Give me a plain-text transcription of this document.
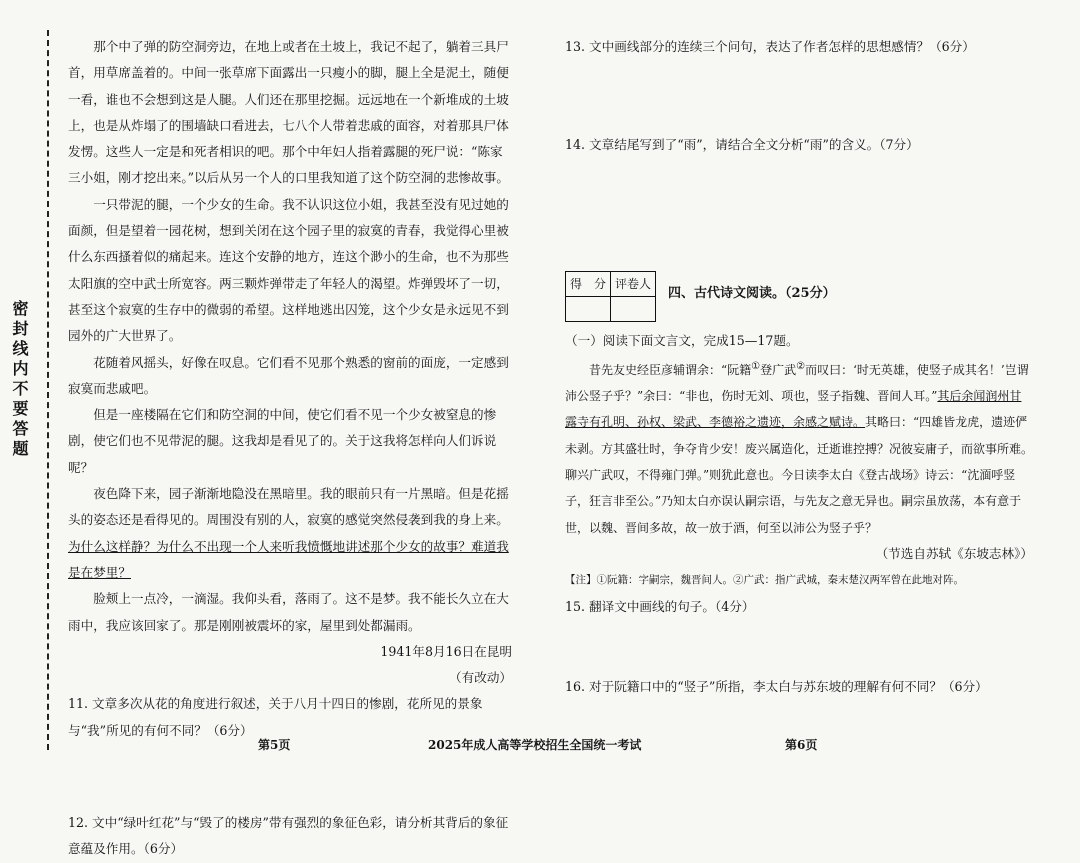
密封线内不要答题

那个中了弹的防空洞旁边，在地上或者在土坡上，我记不起了，躺着三具尸首，用草席盖着的。中间一张草席下面露出一只瘦小的脚，腿上全是泥土，随便一看，谁也不会想到这是人腿。人们还在那里挖掘。远远地在一个新堆成的土坡上，也是从炸塌了的围墙缺口看进去，七八个人带着悲戚的面容，对着那具尸体发愣。这些人一定是和死者相识的吧。那个中年妇人指着露腿的死尸说：“陈家三小姐，刚才挖出来。”以后从另一个人的口里我知道了这个防空洞的悲惨故事。

一只带泥的腿，一个少女的生命。我不认识这位小姐，我甚至没有见过她的面颜，但是望着一园花树，想到关闭在这个园子里的寂寞的青春，我觉得心里被什么东西搔着似的痛起来。连这个安静的地方，连这个渺小的生命，也不为那些太阳旗的空中武士所宽容。两三颗炸弹带走了年轻人的渴望。炸弹毁坏了一切，甚至这个寂寞的生存中的微弱的希望。这样地逃出囚笼，这个少女是永远见不到园外的广大世界了。

花随着风摇头，好像在叹息。它们看不见那个熟悉的窗前的面庞，一定感到寂寞而悲戚吧。

但是一座楼隔在它们和防空洞的中间，使它们看不见一个少女被窒息的惨剧，使它们也不见带泥的腿。这我却是看见了的。关于这我将怎样向人们诉说呢？

夜色降下来，园子渐渐地隐没在黑暗里。我的眼前只有一片黑暗。但是花摇头的姿态还是看得见的。周围没有别的人，寂寞的感觉突然侵袭到我的身上来。为什么这样静？为什么不出现一个人来听我愤慨地讲述那个少女的故事？难道我是在梦里？

脸颊上一点冷，一滴湿。我仰头看，落雨了。这不是梦。我不能长久立在大雨中，我应该回家了。那是刚刚被震坏的家，屋里到处都漏雨。

1941年8月16日在昆明

（有改动）

11. 文章多次从花的角度进行叙述，关于八月十四日的惨剧，花所见的景象与“我”所见的有何不同？（6分）

12. 文中“绿叶红花”与“毁了的楼房”带有强烈的象征色彩，请分析其背后的象征意蕴及作用。（6分）

13. 文中画线部分的连续三个问句，表达了作者怎样的思想感情？（6分）

14. 文章结尾写到了“雨”，请结合全文分析“雨”的含义。（7分）

得　分	评卷人

四、古代诗文阅读。（25分）

（一）阅读下面文言文，完成15—17题。

昔先友史经臣彦辅谓余：“阮籍①登广武②而叹曰：‘时无英雄，使竖子成其名！’岂谓沛公竖子乎？”余曰：“非也，伤时无刘、项也，竖子指魏、晋间人耳。”其后余闻润州甘露寺有孔明、孙权、梁武、李德裕之遗迹，余感之赋诗。其略曰：“四雄皆龙虎，遗迹俨未剥。方其盛壮时，争夺肯少安！废兴属造化，迁逝谁控搏？况彼妄庸子，而欲事所难。聊兴广武叹，不得雍门弹。”则犹此意也。今日读李太白《登古战场》诗云：“沈湎呼竖子，狂言非至公。”乃知太白亦误认嗣宗语，与先友之意无异也。嗣宗虽放荡，本有意于世，以魏、晋间多故，故一放于酒，何至以沛公为竖子乎？

（节选自苏轼《东坡志林》）

【注】①阮籍：字嗣宗，魏晋间人。②广武：指广武城，秦末楚汉两军曾在此地对阵。

15. 翻译文中画线的句子。（4分）

16. 对于阮籍口中的“竖子”所指，李太白与苏东坡的理解有何不同？（6分）

第5页	2025年成人高等学校招生全国统一考试	第6页
